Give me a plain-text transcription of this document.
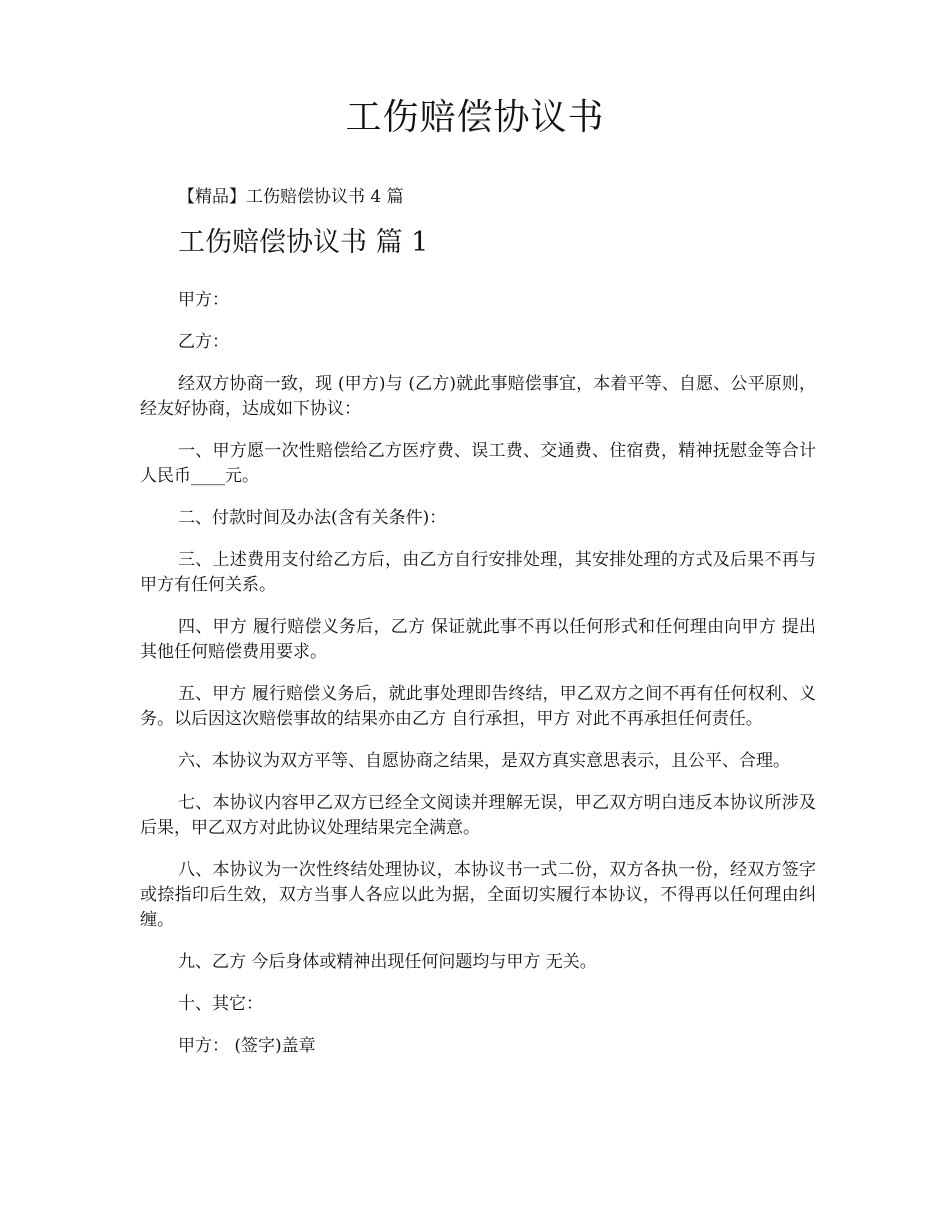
工伤赔偿协议书
【精品】工伤赔偿协议书 4 篇
工伤赔偿协议书 篇 1

甲方：

乙方：

经双方协商一致，现 (甲方)与 (乙方)就此事赔偿事宜，本着平等、自愿、公平原则，经友好协商，达成如下协议：

一、甲方愿一次性赔偿给乙方医疗费、误工费、交通费、住宿费，精神抚慰金等合计人民币____元。

二、付款时间及办法(含有关条件)：

三、上述费用支付给乙方后，由乙方自行安排处理，其安排处理的方式及后果不再与甲方有任何关系。

四、甲方 履行赔偿义务后，乙方 保证就此事不再以任何形式和任何理由向甲方 提出其他任何赔偿费用要求。

五、甲方 履行赔偿义务后，就此事处理即告终结，甲乙双方之间不再有任何权利、义务。以后因这次赔偿事故的结果亦由乙方 自行承担，甲方 对此不再承担任何责任。

六、本协议为双方平等、自愿协商之结果，是双方真实意思表示，且公平、合理。

七、本协议内容甲乙双方已经全文阅读并理解无误，甲乙双方明白违反本协议所涉及后果，甲乙双方对此协议处理结果完全满意。

八、本协议为一次性终结处理协议，本协议书一式二份，双方各执一份，经双方签字或捺指印后生效，双方当事人各应以此为据，全面切实履行本协议，不得再以任何理由纠缠。

九、乙方 今后身体或精神出现任何问题均与甲方 无关。

十、其它：

甲方： (签字)盖章
